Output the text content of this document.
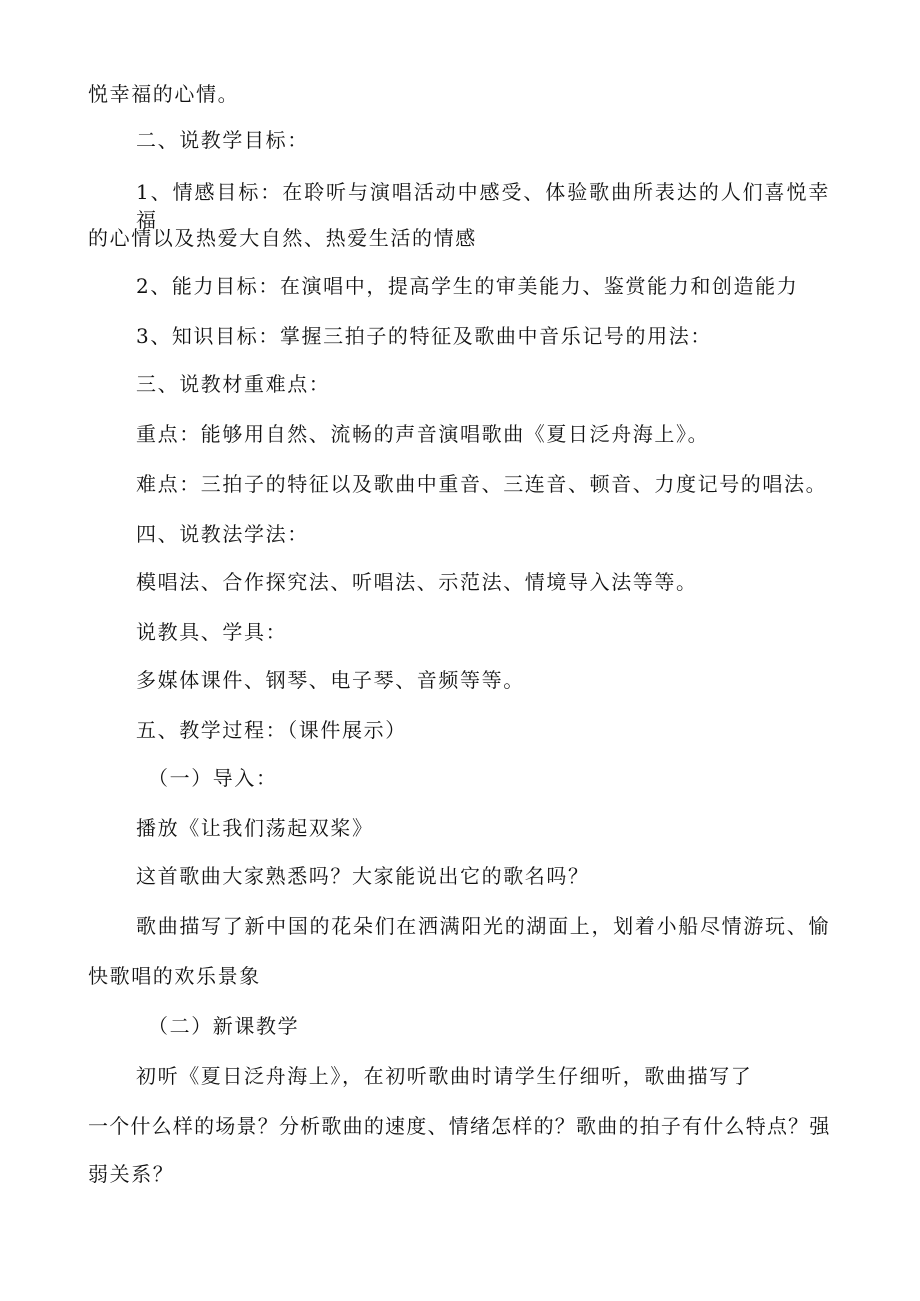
悦幸福的心情。
二、说教学目标：
1、情感目标：在聆听与演唱活动中感受、体验歌曲所表达的人们喜悦幸福
的心情以及热爱大自然、热爱生活的情感
2、能力目标：在演唱中，提高学生的审美能力、鉴赏能力和创造能力
3、知识目标：掌握三拍子的特征及歌曲中音乐记号的用法：
三、说教材重难点：
重点：能够用自然、流畅的声音演唱歌曲《夏日泛舟海上》。
难点：三拍子的特征以及歌曲中重音、三连音、顿音、力度记号的唱法。
四、说教法学法：
模唱法、合作探究法、听唱法、示范法、情境导入法等等。
说教具、学具：
多媒体课件、钢琴、电子琴、音频等等。
五、教学过程：（课件展示）
（一）导入：
播放《让我们荡起双桨》
这首歌曲大家熟悉吗？大家能说出它的歌名吗？
歌曲描写了新中国的花朵们在洒满阳光的湖面上，划着小船尽情游玩、愉
快歌唱的欢乐景象
（二）新课教学
初听《夏日泛舟海上》，在初听歌曲时请学生仔细听，歌曲描写了
一个什么样的场景？分析歌曲的速度、情绪怎样的？歌曲的拍子有什么特点？强
弱关系？
